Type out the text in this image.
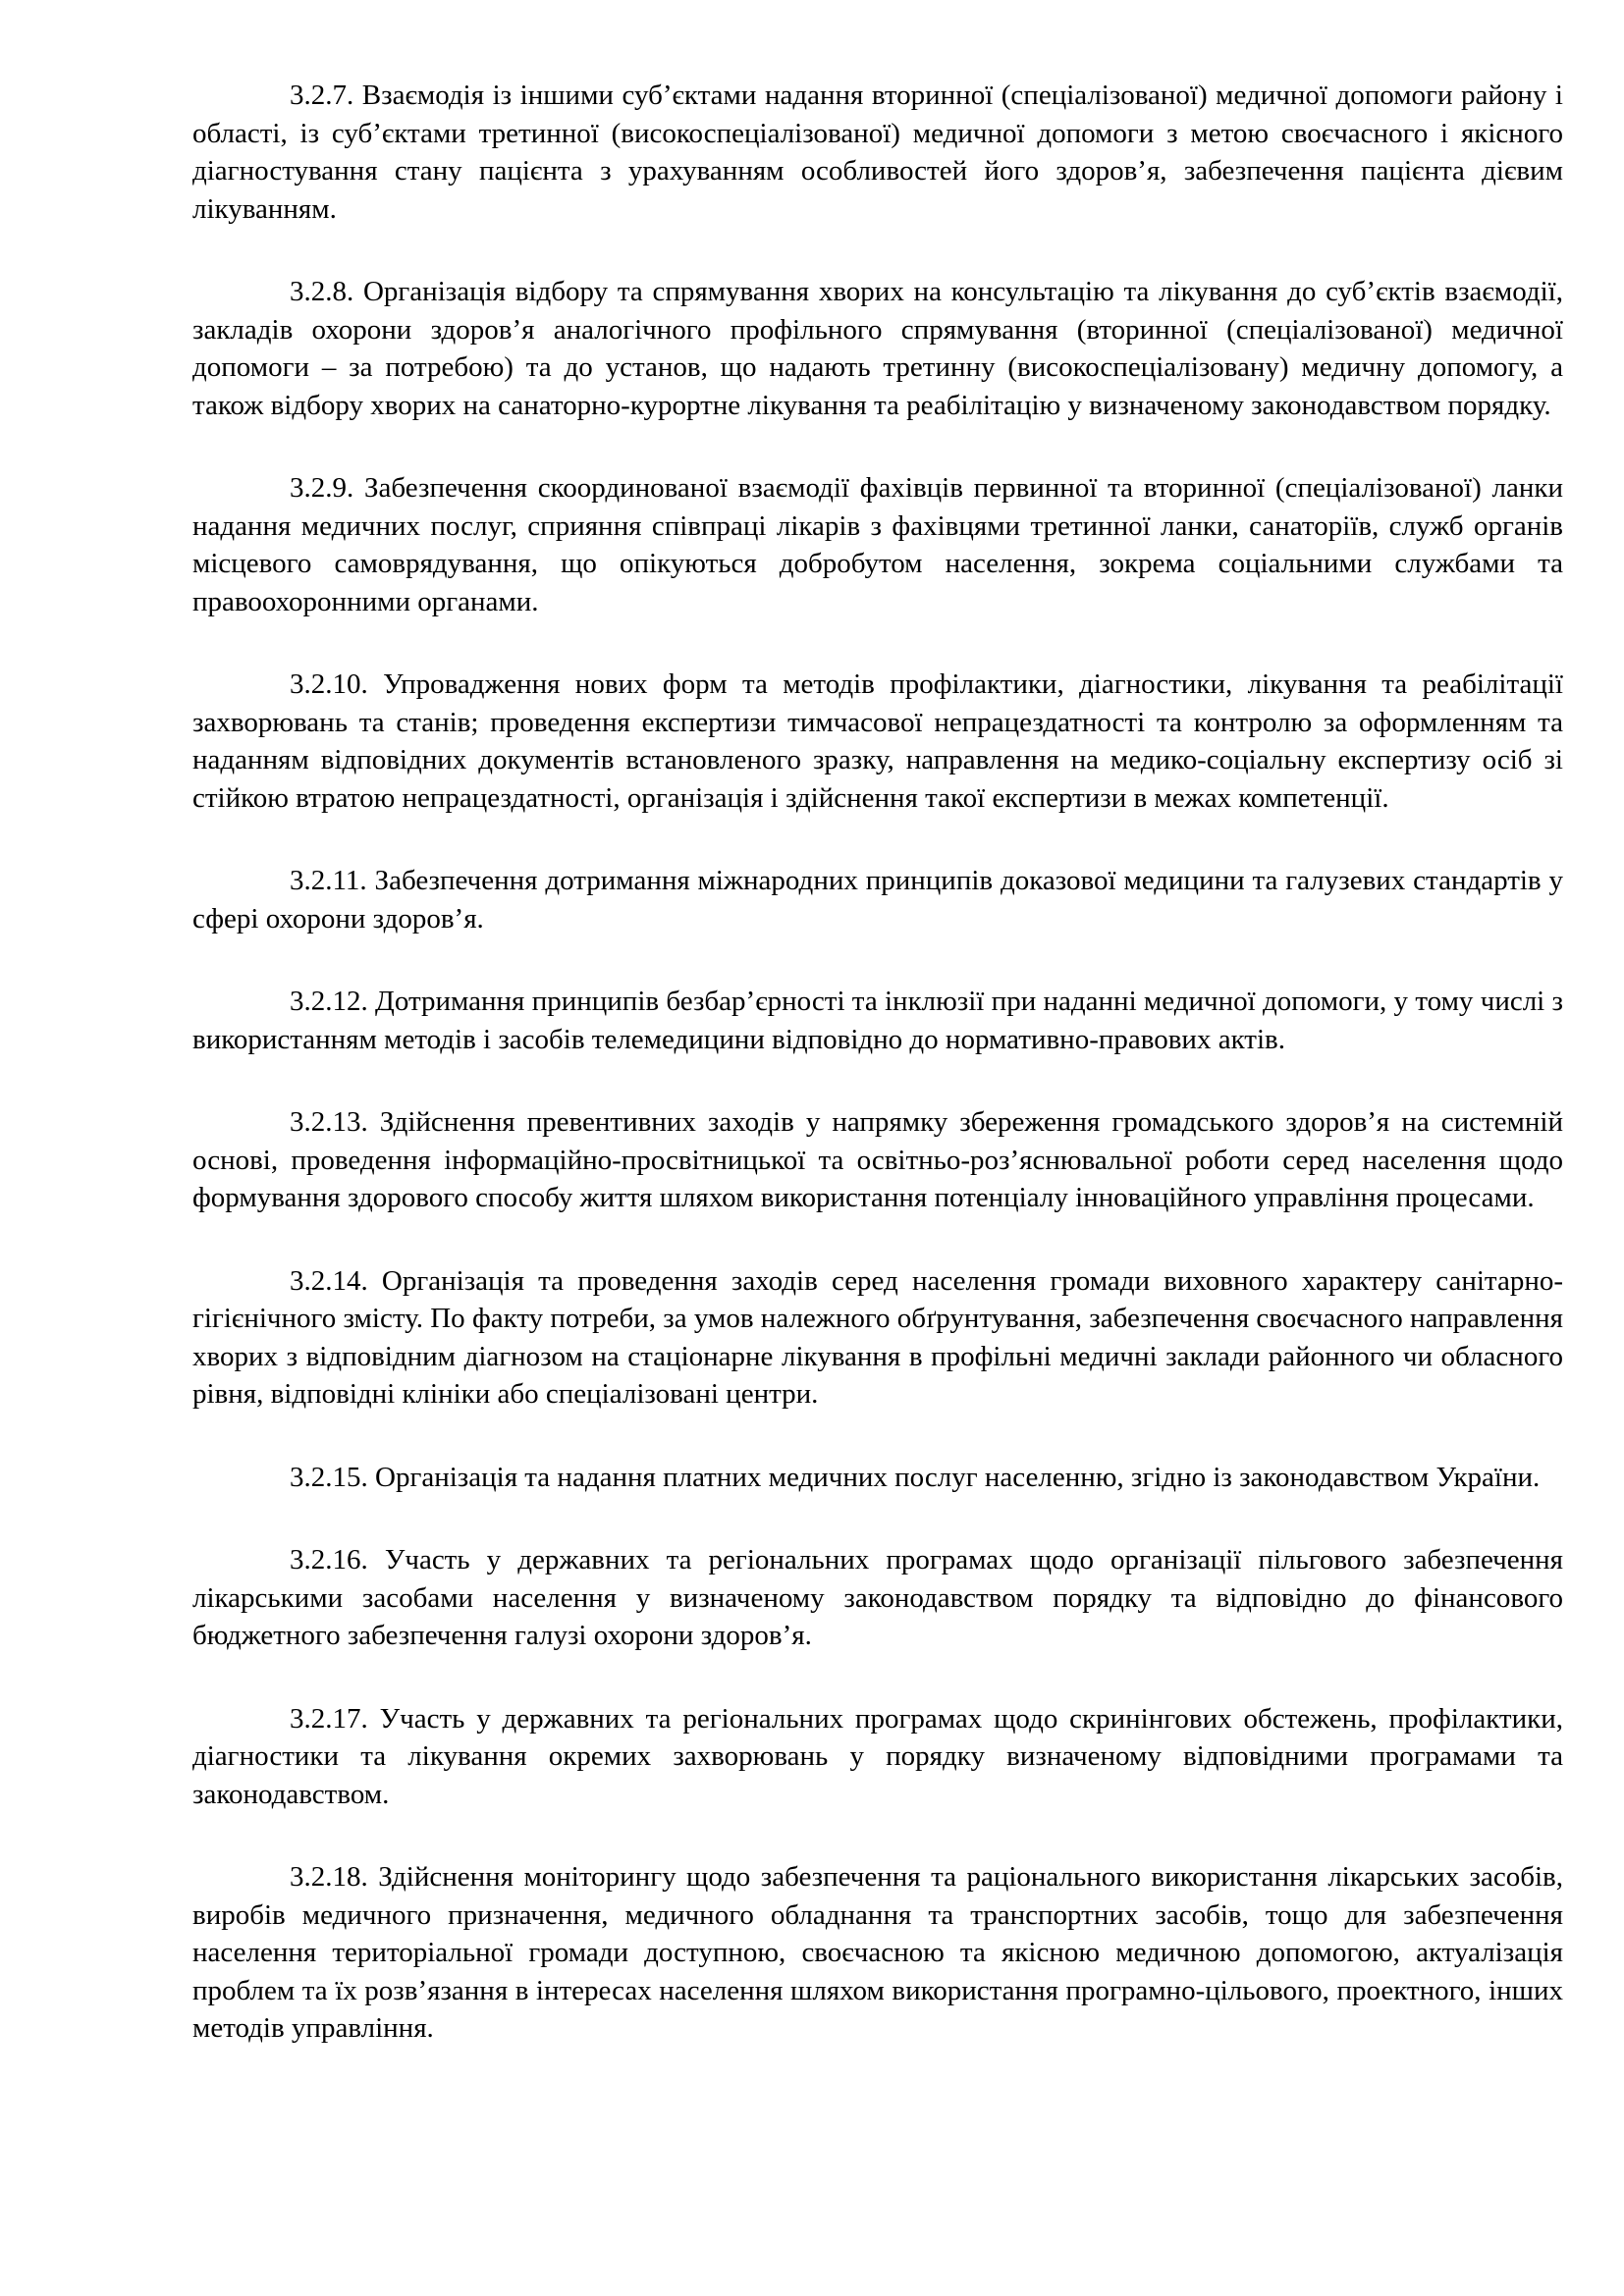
3.2.7. Взаємодія із іншими суб’єктами надання вторинної (спеціалізованої) медичної допомоги району і області, із суб’єктами третинної (високоспеціалізованої) медичної допомоги з метою своєчасного і якісного діагностування стану пацієнта з урахуванням особливостей його здоров’я, забезпечення пацієнта дієвим лікуванням.

3.2.8. Організація відбору та спрямування хворих на консультацію та лікування до суб’єктів взаємодії, закладів охорони здоров’я аналогічного профільного спрямування (вторинної (спеціалізованої) медичної допомоги – за потребою) та до установ, що надають третинну (високоспеціалізовану) медичну допомогу, а також відбору хворих на санаторно-курортне лікування та реабілітацію у визначеному законодавством порядку.

3.2.9. Забезпечення скоординованої взаємодії фахівців первинної та вторинної (спеціалізованої) ланки надання медичних послуг, сприяння співпраці лікарів з фахівцями третинної ланки, санаторіїв, служб органів місцевого самоврядування, що опікуються добробутом населення, зокрема соціальними службами та правоохоронними органами.

3.2.10. Упровадження нових форм та методів профілактики, діагностики, лікування та реабілітації захворювань та станів; проведення експертизи тимчасової непрацездатності та контролю за оформленням та наданням відповідних документів встановленого зразку, направлення на медико-соціальну експертизу осіб зі стійкою втратою непрацездатності, організація і здійснення такої експертизи в межах компетенції.

3.2.11. Забезпечення дотримання міжнародних принципів доказової медицини та галузевих стандартів у сфері охорони здоров’я.

3.2.12. Дотримання принципів безбар’єрності та інклюзії при наданні медичної допомоги, у тому числі з використанням методів і засобів телемедицини відповідно до нормативно-правових актів.

3.2.13. Здійснення превентивних заходів у напрямку збереження громадського здоров’я на системній основі, проведення інформаційно-просвітницької та освітньо-роз’яснювальної роботи серед населення щодо формування здорового способу життя шляхом використання потенціалу інноваційного управління процесами.

3.2.14. Організація та проведення заходів серед населення громади виховного характеру санітарно-гігієнічного змісту. По факту потреби, за умов належного обґрунтування, забезпечення своєчасного направлення хворих з відповідним діагнозом на стаціонарне лікування в профільні медичні заклади районного чи обласного рівня, відповідні клініки або спеціалізовані центри.

3.2.15. Організація та надання платних медичних послуг населенню, згідно із законодавством України.

3.2.16. Участь у державних та регіональних програмах щодо організації пільгового забезпечення лікарськими засобами населення у визначеному законодавством порядку та відповідно до фінансового бюджетного забезпечення галузі охорони здоров’я.

3.2.17. Участь у державних та регіональних програмах щодо скринінгових обстежень, профілактики, діагностики та лікування окремих захворювань у порядку визначеному відповідними програмами та законодавством.

3.2.18. Здійснення моніторингу щодо забезпечення та раціонального використання лікарських засобів, виробів медичного призначення, медичного обладнання та транспортних засобів, тощо для забезпечення населення територіальної громади доступною, своєчасною та якісною медичною допомогою, актуалізація проблем та їх розв’язання в інтересах населення шляхом використання програмно-цільового, проектного, інших методів управління.
